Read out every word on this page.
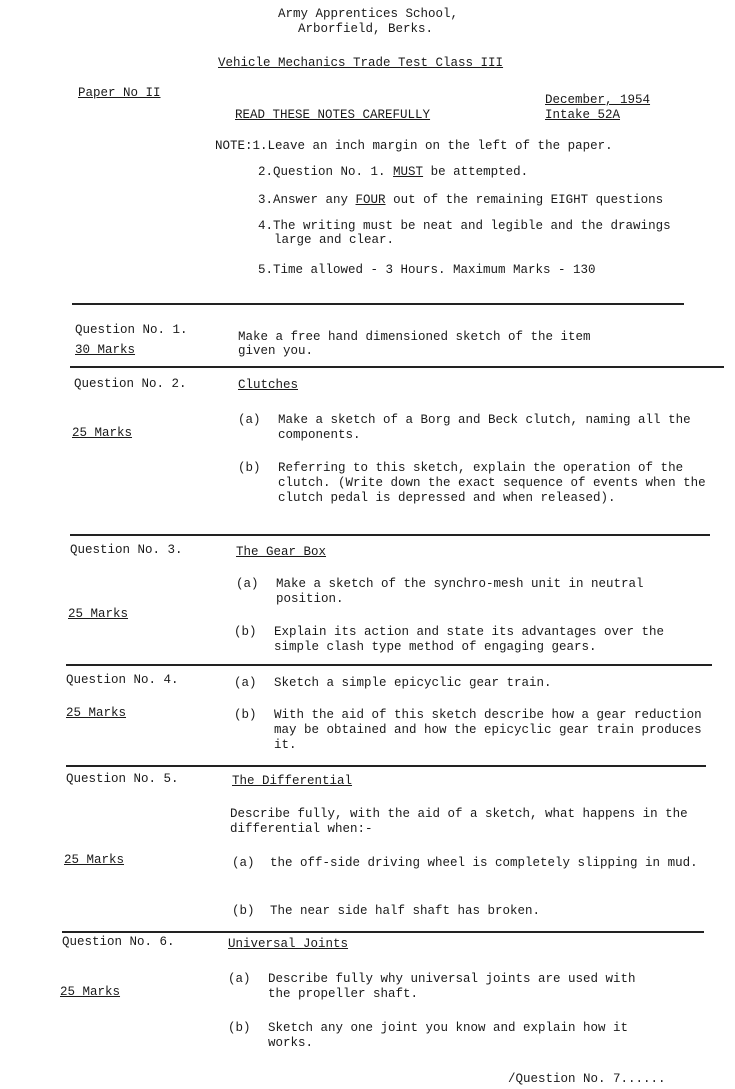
Army Apprentices School,
Arborfield, Berks.
Vehicle Mechanics Trade Test Class III
Paper No II	December, 1954
Intake 52A
READ THESE NOTES CAREFULLY
NOTE:1.Leave an inch margin on the left of the paper.
2.Question No. 1. MUST be attempted.
3.Answer any FOUR out of the remaining EIGHT questions
4.The writing must be neat and legible and the drawings
large and clear.
5.Time allowed - 3 Hours. Maximum Marks - 130
Question No. 1.
30 Marks
Make a free hand dimensioned sketch of the item
given you.
Question No. 2.	Clutches
25 Marks
(a) Make a sketch of a Borg and Beck clutch, naming all the components.
(b) Referring to this sketch, explain the operation of the clutch. (Write down the exact sequence of events when the clutch pedal is depressed and when released).
Question No. 3.	The Gear Box
25 Marks
(a) Make a sketch of the synchro-mesh unit in neutral position.
(b) Explain its action and state its advantages over the simple clash type method of engaging gears.
Question No. 4.
25 Marks
(a) Sketch a simple epicyclic gear train.
(b) With the aid of this sketch describe how a gear reduction may be obtained and how the epicyclic gear train produces it.
Question No. 5.	The Differential
Describe fully, with the aid of a sketch, what happens in the differential when:-
25 Marks	(a) the off-side driving wheel is completely slipping in mud.
(b) The near side half shaft has broken.
Question No. 6.	Universal Joints
25 Marks
(a) Describe fully why universal joints are used with the propeller shaft.
(b) Sketch any one joint you know and explain how it works.
/Question No. 7......
